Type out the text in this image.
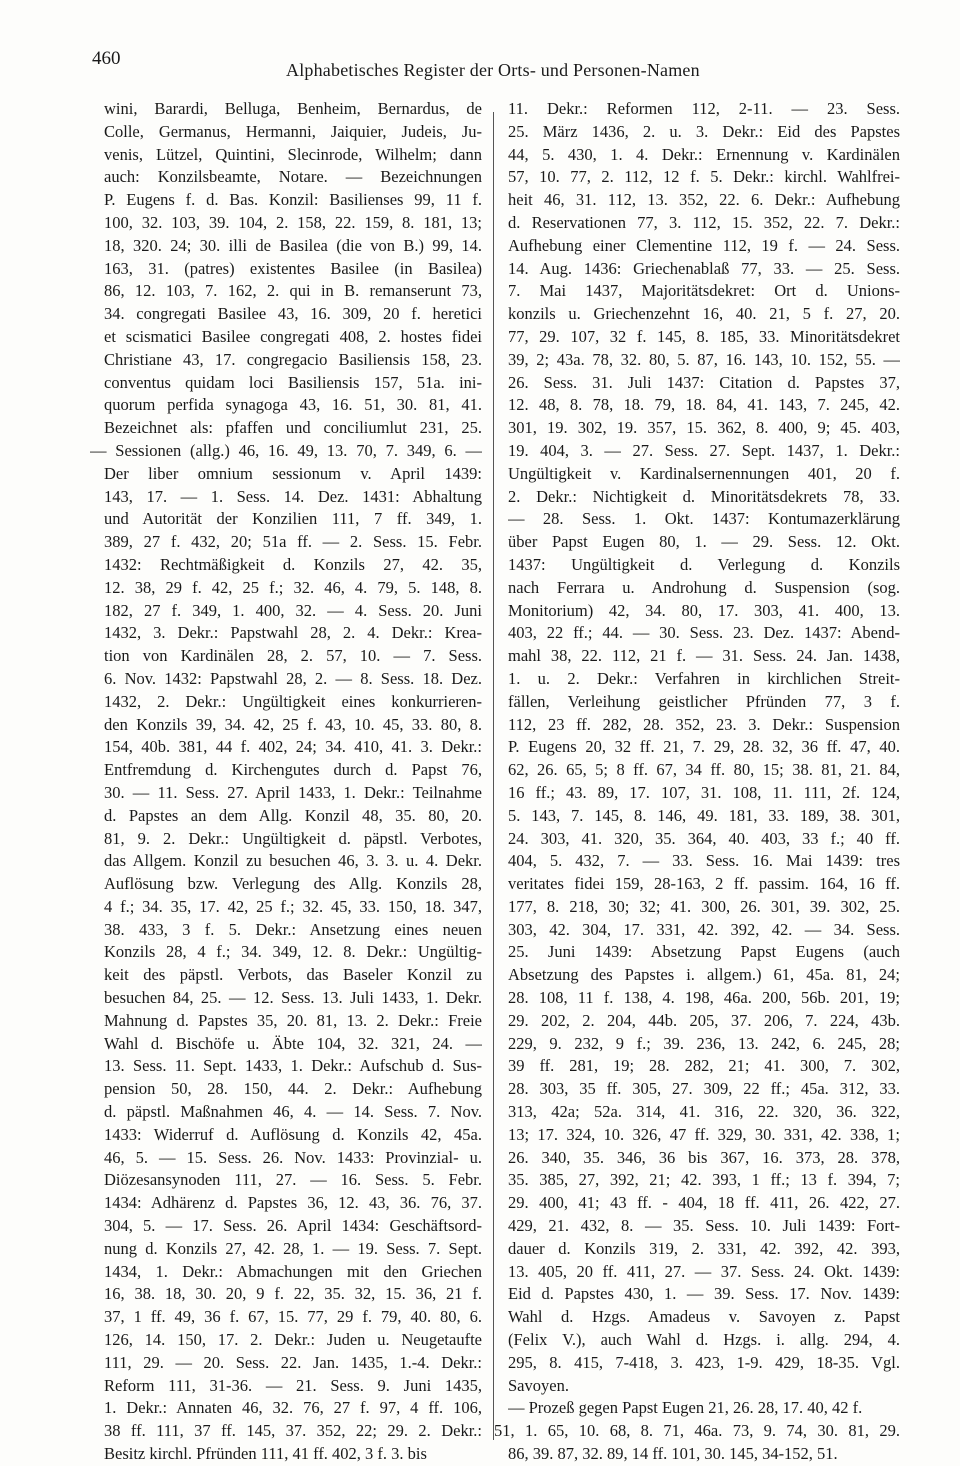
460
Alphabetisches Register der Orts- und Personen-Namen
wini, Barardi, Belluga, Benheim, Bernardus, de
Colle, Germanus, Hermanni, Jaiquier, Judeis, Ju-
venis, Lützel, Quintini, Slecinrode, Wilhelm; dann
auch: Konzilsbeamte, Notare. — Bezeichnungen
P. Eugens f. d. Bas. Konzil: Basilienses 99, 11 f.
100, 32. 103, 39. 104, 2. 158, 22. 159, 8. 181, 13;
18, 320. 24; 30. illi de Basilea (die von B.) 99, 14.
163, 31. (patres) existentes Basilee (in Basilea)
86, 12. 103, 7. 162, 2. qui in B. remanserunt 73,
34. congregati Basilee 43, 16. 309, 20 f. heretici
et scismatici Basilee congregati 408, 2. hostes fidei
Christiane 43, 17. congregacio Basiliensis 158, 23.
conventus quidam loci Basiliensis 157, 51a. ini-
quorum perfida synagoga 43, 16. 51, 30. 81, 41.
Bezeichnet als: pfaffen und conciliumlut 231, 25.
— Sessionen (allg.) 46, 16. 49, 13. 70, 7. 349, 6. —
Der liber omnium sessionum v. April 1439:
143, 17. — 1. Sess. 14. Dez. 1431: Abhaltung
und Autorität der Konzilien 111, 7 ff. 349, 1.
389, 27 f. 432, 20; 51a ff. — 2. Sess. 15. Febr.
1432: Rechtmäßigkeit d. Konzils 27, 42. 35,
12. 38, 29 f. 42, 25 f.; 32. 46, 4. 79, 5. 148, 8.
182, 27 f. 349, 1. 400, 32. — 4. Sess. 20. Juni
1432, 3. Dekr.: Papstwahl 28, 2. 4. Dekr.: Krea-
tion von Kardinälen 28, 2. 57, 10. — 7. Sess.
6. Nov. 1432: Papstwahl 28, 2. — 8. Sess. 18. Dez.
1432, 2. Dekr.: Ungültigkeit eines konkurrieren-
den Konzils 39, 34. 42, 25 f. 43, 10. 45, 33. 80, 8.
154, 40b. 381, 44 f. 402, 24; 34. 410, 41. 3. Dekr.:
Entfremdung d. Kirchengutes durch d. Papst 76,
30. — 11. Sess. 27. April 1433, 1. Dekr.: Teilnahme
d. Papstes an dem Allg. Konzil 48, 35. 80, 20.
81, 9. 2. Dekr.: Ungültigkeit d. päpstl. Verbotes,
das Allgem. Konzil zu besuchen 46, 3. 3. u. 4. Dekr.
Auflösung bzw. Verlegung des Allg. Konzils 28,
4 f.; 34. 35, 17. 42, 25 f.; 32. 45, 33. 150, 18. 347,
38. 433, 3 f. 5. Dekr.: Ansetzung eines neuen
Konzils 28, 4 f.; 34. 349, 12. 8. Dekr.: Ungültig-
keit des päpstl. Verbots, das Baseler Konzil zu
besuchen 84, 25. — 12. Sess. 13. Juli 1433, 1. Dekr.
Mahnung d. Papstes 35, 20. 81, 13. 2. Dekr.: Freie
Wahl d. Bischöfe u. Äbte 104, 32. 321, 24. —
13. Sess. 11. Sept. 1433, 1. Dekr.: Aufschub d. Sus-
pension 50, 28. 150, 44. 2. Dekr.: Aufhebung
d. päpstl. Maßnahmen 46, 4. — 14. Sess. 7. Nov.
1433: Widerruf d. Auflösung d. Konzils 42, 45a.
46, 5. — 15. Sess. 26. Nov. 1433: Provinzial- u.
Diözesansynoden 111, 27. — 16. Sess. 5. Febr.
1434: Adhärenz d. Papstes 36, 12. 43, 36. 76, 37.
304, 5. — 17. Sess. 26. April 1434: Geschäftsord-
nung d. Konzils 27, 42. 28, 1. — 19. Sess. 7. Sept.
1434, 1. Dekr.: Abmachungen mit den Griechen
16, 38. 18, 30. 20, 9 f. 22, 35. 32, 15. 36, 21 f.
37, 1 ff. 49, 36 f. 67, 15. 77, 29 f. 79, 40. 80, 6.
126, 14. 150, 17. 2. Dekr.: Juden u. Neugetaufte
111, 29. — 20. Sess. 22. Jan. 1435, 1.-4. Dekr.:
Reform 111, 31-36. — 21. Sess. 9. Juni 1435,
1. Dekr.: Annaten 46, 32. 76, 27 f. 97, 4 ff. 106,
38 ff. 111, 37 ff. 145, 37. 352, 22; 29. 2. Dekr.:
Besitz kirchl. Pfründen 111, 41 ff. 402, 3 f. 3. bis
11. Dekr.: Reformen 112, 2-11. — 23. Sess.
25. März 1436, 2. u. 3. Dekr.: Eid des Papstes
44, 5. 430, 1. 4. Dekr.: Ernennung v. Kardinälen
57, 10. 77, 2. 112, 12 f. 5. Dekr.: kirchl. Wahlfrei-
heit 46, 31. 112, 13. 352, 22. 6. Dekr.: Aufhebung
d. Reservationen 77, 3. 112, 15. 352, 22. 7. Dekr.:
Aufhebung einer Clementine 112, 19 f. — 24. Sess.
14. Aug. 1436: Griechenablaß 77, 33. — 25. Sess.
7. Mai 1437, Majoritätsdekret: Ort d. Unions-
konzils u. Griechenzehnt 16, 40. 21, 5 f. 27, 20.
77, 29. 107, 32 f. 145, 8. 185, 33. Minoritätsdekret
39, 2; 43a. 78, 32. 80, 5. 87, 16. 143, 10. 152, 55. —
26. Sess. 31. Juli 1437: Citation d. Papstes 37,
12. 48, 8. 78, 18. 79, 18. 84, 41. 143, 7. 245, 42.
301, 19. 302, 19. 357, 15. 362, 8. 400, 9; 45. 403,
19. 404, 3. — 27. Sess. 27. Sept. 1437, 1. Dekr.:
Ungültigkeit v. Kardinalsernennungen 401, 20 f.
2. Dekr.: Nichtigkeit d. Minoritätsdekrets 78, 33.
— 28. Sess. 1. Okt. 1437: Kontumazerklärung
über Papst Eugen 80, 1. — 29. Sess. 12. Okt.
1437: Ungültigkeit d. Verlegung d. Konzils
nach Ferrara u. Androhung d. Suspension (sog.
Monitorium) 42, 34. 80, 17. 303, 41. 400, 13.
403, 22 ff.; 44. — 30. Sess. 23. Dez. 1437: Abend-
mahl 38, 22. 112, 21 f. — 31. Sess. 24. Jan. 1438,
1. u. 2. Dekr.: Verfahren in kirchlichen Streit-
fällen, Verleihung geistlicher Pfründen 77, 3 f.
112, 23 ff. 282, 28. 352, 23. 3. Dekr.: Suspension
P. Eugens 20, 32 ff. 21, 7. 29, 28. 32, 36 ff. 47, 40.
62, 26. 65, 5; 8 ff. 67, 34 ff. 80, 15; 38. 81, 21. 84,
16 ff.; 43. 89, 17. 107, 31. 108, 11. 111, 2f. 124,
5. 143, 7. 145, 8. 146, 49. 181, 33. 189, 38. 301,
24. 303, 41. 320, 35. 364, 40. 403, 33 f.; 40 ff.
404, 5. 432, 7. — 33. Sess. 16. Mai 1439: tres
veritates fidei 159, 28-163, 2 ff. passim. 164, 16 ff.
177, 8. 218, 30; 32; 41. 300, 26. 301, 39. 302, 25.
303, 42. 304, 17. 331, 42. 392, 42. — 34. Sess.
25. Juni 1439: Absetzung Papst Eugens (auch
Absetzung des Papstes i. allgem.) 61, 45a. 81, 24;
28. 108, 11 f. 138, 4. 198, 46a. 200, 56b. 201, 19;
29. 202, 2. 204, 44b. 205, 37. 206, 7. 224, 43b.
229, 9. 232, 9 f.; 39. 236, 13. 242, 6. 245, 28;
39 ff. 281, 19; 28. 282, 21; 41. 300, 7. 302,
28. 303, 35 ff. 305, 27. 309, 22 ff.; 45a. 312, 33.
313, 42a; 52a. 314, 41. 316, 22. 320, 36. 322,
13; 17. 324, 10. 326, 47 ff. 329, 30. 331, 42. 338, 1;
26. 340, 35. 346, 36 bis 367, 16. 373, 28. 378,
35. 385, 27, 392, 21; 42. 393, 1 ff.; 13 f. 394, 7;
29. 400, 41; 43 ff. - 404, 18 ff. 411, 26. 422, 27.
429, 21. 432, 8. — 35. Sess. 10. Juli 1439: Fort-
dauer d. Konzils 319, 2. 331, 42. 392, 42. 393,
13. 405, 20 ff. 411, 27. — 37. Sess. 24. Okt. 1439:
Eid d. Papstes 430, 1. — 39. Sess. 17. Nov. 1439:
Wahl d. Hzgs. Amadeus v. Savoyen z. Papst
(Felix V.), auch Wahl d. Hzgs. i. allg. 294, 4.
295, 8. 415, 7-418, 3. 423, 1-9. 429, 18-35. Vgl.
Savoyen.
— Prozeß gegen Papst Eugen 21, 26. 28, 17. 40, 42 f.
51, 1. 65, 10. 68, 8. 71, 46a. 73, 9. 74, 30. 81, 29.
86, 39. 87, 32. 89, 14 ff. 101, 30. 145, 34-152, 51.
